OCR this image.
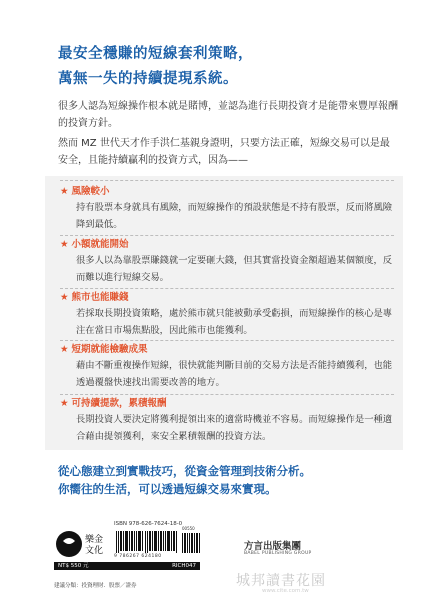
最安全穩賺的短線套利策略，
萬無一失的持續提現系統。
很多人認為短線操作根本就是賭博，並認為進行長期投資才是能帶來豐厚報酬的投資方針。
然而 MZ 世代天才作手洪仁基親身證明，只要方法正確，短線交易可以是最安全，且能持續贏利的投資方式，因為——
★ 風險較小
持有股票本身就具有風險，而短線操作的預設狀態是不持有股票，反而將風險降到最低。
★ 小額就能開始
很多人以為靠股票賺錢就一定要砸大錢，但其實當投資金額超過某個額度，反而難以進行短線交易。
★ 熊市也能賺錢
若採取長期投資策略，處於熊市就只能被動承受虧損，而短線操作的核心是專注在當日市場焦點股，因此熊市也能獲利。
★ 短期就能檢驗成果
藉由不斷重複操作短線，很快就能判斷目前的交易方法是否能持續獲利，也能透過覆盤快速找出需要改善的地方。
★ 可持續提款，累積報酬
長期投資人要決定將獲利提領出來的適當時機並不容易。而短線操作是一種適合藉由提領獲利，來安全累積報酬的投資方法。
從心態建立到實戰技巧，從資金管理到技術分析。
你嚮往的生活，可以透過短線交易來實現。
樂金
文化
ISBN 978-626-7624-18-0
9 786267 624180
00550
NT$ 550 元	RICH047
方言出版集團
BABEL PUBLISHING GROUP
建議分類：投資理財．股票／證券	城邦讀書花園
www.cite.com.tw
